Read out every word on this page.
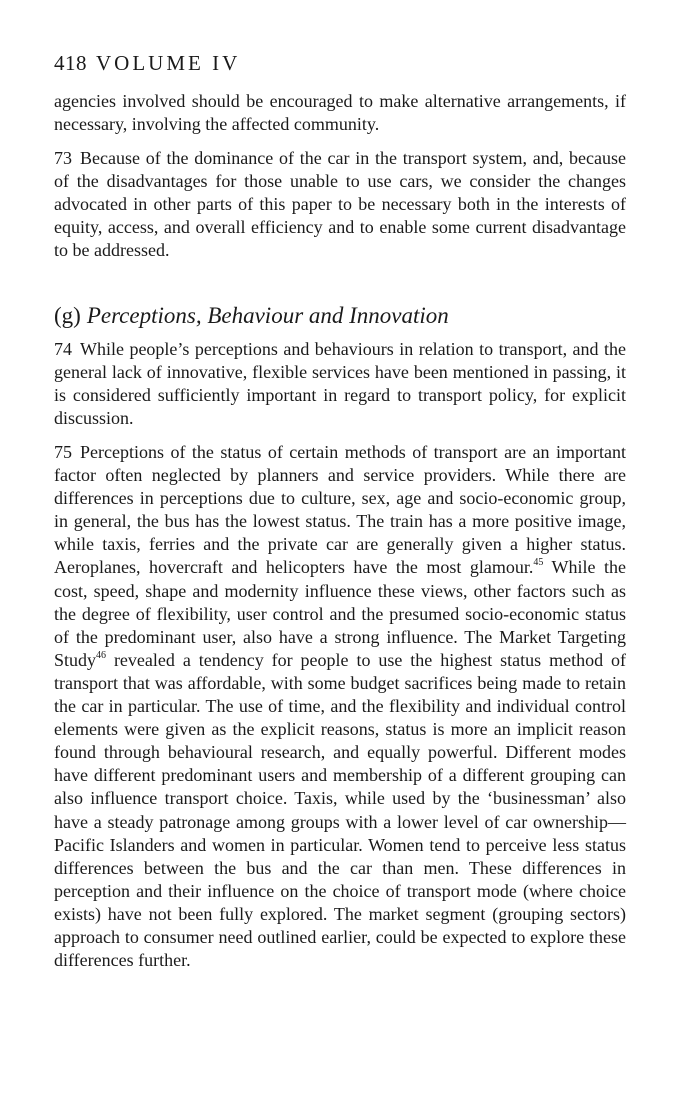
418 VOLUME IV

agencies involved should be encouraged to make alternative arrangements, if necessary, involving the affected community.

73 Because of the dominance of the car in the transport system, and, because of the disadvantages for those unable to use cars, we consider the changes advocated in other parts of this paper to be necessary both in the interests of equity, access, and overall efficiency and to enable some current disadvantage to be addressed.

(g) Perceptions, Behaviour and Innovation

74 While people’s perceptions and behaviours in relation to transport, and the general lack of innovative, flexible services have been mentioned in passing, it is considered sufficiently important in regard to transport policy, for explicit discussion.

75 Perceptions of the status of certain methods of transport are an important factor often neglected by planners and service providers. While there are differences in perceptions due to culture, sex, age and socio-economic group, in general, the bus has the lowest status. The train has a more positive image, while taxis, ferries and the private car are generally given a higher status. Aeroplanes, hovercraft and helicopters have the most glamour.$^{45}$ While the cost, speed, shape and modernity influence these views, other factors such as the degree of flexibility, user control and the presumed socio-economic status of the predominant user, also have a strong influence. The Market Targeting Study$^{46}$ revealed a tendency for people to use the highest status method of transport that was affordable, with some budget sacrifices being made to retain the car in particular. The use of time, and the flexibility and individual control elements were given as the explicit reasons, status is more an implicit reason found through behavioural research, and equally powerful. Different modes have different predominant users and membership of a different grouping can also influence transport choice. Taxis, while used by the ‘businessman’ also have a steady patronage among groups with a lower level of car ownership—Pacific Islanders and women in particular. Women tend to perceive less status differences between the bus and the car than men. These differences in perception and their influence on the choice of transport mode (where choice exists) have not been fully explored. The market segment (grouping sectors) approach to consumer need outlined earlier, could be expected to explore these differences further.
